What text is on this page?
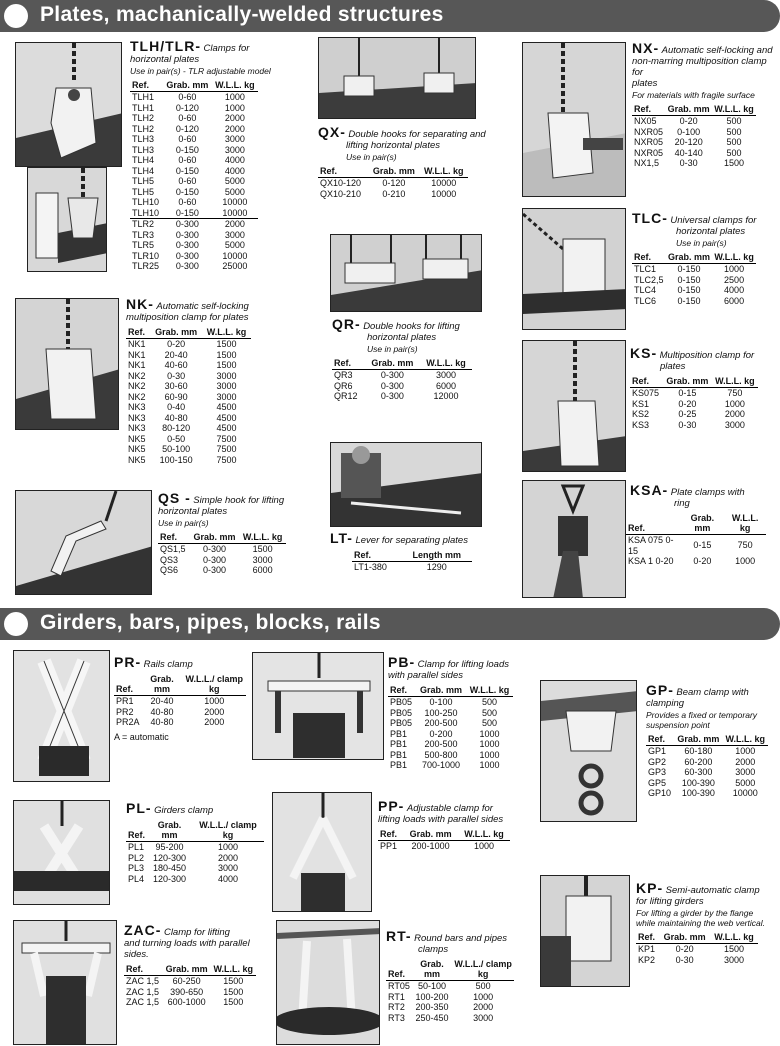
Plates, machanically-welded structures
Girders, bars, pipes, blocks, rails
TLH/TLR- Clamps for
horizontal plates
Use in pair(s) - TLR adjustable model
Ref.	Grab. mm	W.L.L. kg
TLH1	0-60	1000
TLH1	0-120	1000
TLH2	0-60	2000
TLH2	0-120	2000
TLH3	0-60	3000
TLH3	0-150	3000
TLH4	0-60	4000
TLH4	0-150	4000
TLH5	0-60	5000
TLH5	0-150	5000
TLH10	0-60	10000
TLH10	0-150	10000
TLR2	0-300	2000
TLR3	0-300	3000
TLR5	0-300	5000
TLR10	0-300	10000
TLR25	0-300	25000
QX- Double hooks for separating and
lifting horizontal plates
Use in pair(s)
Ref.	Grab. mm	W.L.L. kg
QX10-120	0-120	10000
QX10-210	0-210	10000
NX- Automatic self-locking and
non-marring multiposition clamp for
plates
For materials with fragile surface
Ref.	Grab. mm	W.L.L. kg
NX05	0-20	500
NXR05	0-100	500
NXR05	20-120	500
NXR05	40-140	500
NX1,5	0-30	1500
TLC- Universal clamps for
horizontal plates
Use in pair(s)
Ref.	Grab. mm	W.L.L. kg
TLC1	0-150	1000
TLC2,5	0-150	2500
TLC4	0-150	4000
TLC6	0-150	6000
QR- Double hooks for lifting
horizontal plates
Use in pair(s)
Ref.	Grab. mm	W.L.L. kg
QR3	0-300	3000
QR6	0-300	6000
QR12	0-300	12000
NK- Automatic self-locking
multiposition clamp for plates
Ref.	Grab. mm	W.L.L. kg
NK1	0-20	1500
NK1	20-40	1500
NK1	40-60	1500
NK2	0-30	3000
NK2	30-60	3000
NK2	60-90	3000
NK3	0-40	4500
NK3	40-80	4500
NK3	80-120	4500
NK5	0-50	7500
NK5	50-100	7500
NK5	100-150	7500
KS- Multiposition clamp for
plates
Ref.	Grab. mm	W.L.L. kg
KS075	0-15	750
KS1	0-20	1000
KS2	0-25	2000
KS3	0-30	3000
LT- Lever for separating plates
Ref.	Length mm
LT1-380	1290
QS - Simple hook for lifting
horizontal plates
Use in pair(s)
Ref.	Grab. mm	W.L.L. kg
QS1,5	0-300	1500
QS3	0-300	3000
QS6	0-300	6000
KSA- Plate clamps with
ring
Ref.	Grab. mm	W.L.L. kg
KSA 075 0-15	0-15	750
KSA 1 0-20	0-20	1000
PR- Rails clamp
Ref.	Grab. mm	W.L.L./ clamp kg
PR1	20-40	1000
PR2	40-80	2000
PR2A	40-80	2000
A = automatic
PB- Clamp for lifting loads
with parallel sides
Ref.	Grab. mm	W.L.L. kg
PB05	0-100	500
PB05	100-250	500
PB05	200-500	500
PB1	0-200	1000
PB1	200-500	1000
PB1	500-800	1000
PB1	700-1000	1000
GP- Beam clamp with
clamping
Provides a fixed or temporary
suspension point
Ref.	Grab. mm	W.L.L. kg
GP1	60-180	1000
GP2	60-200	2000
GP3	60-300	3000
GP5	100-390	5000
GP10	100-390	10000
PL- Girders clamp
Ref.	Grab. mm	W.L.L./ clamp kg
PL1	95-200	1000
PL2	120-300	2000
PL3	180-450	3000
PL4	120-300	4000
PP- Adjustable clamp for
lifting loads with parallel sides
Ref.	Grab. mm	W.L.L. kg
PP1	200-1000	1000
KP- Semi-automatic clamp
for lifting girders
For lifting a girder by the flange
while maintaining the web vertical.
Ref.	Grab. mm	W.L.L. kg
KP1	0-20	1500
KP2	0-30	3000
ZAC- Clamp for lifting
and turning loads with parallel
sides.
Ref.	Grab. mm	W.L.L. kg
ZAC 1,5	60-250	1500
ZAC 1,5	390-650	1500
ZAC 1,5	600-1000	1500
RT- Round bars and pipes
clamps
Ref.	Grab. mm	W.L.L./ clamp kg
RT05	50-100	500
RT1	100-200	1000
RT2	200-350	2000
RT3	250-450	3000
